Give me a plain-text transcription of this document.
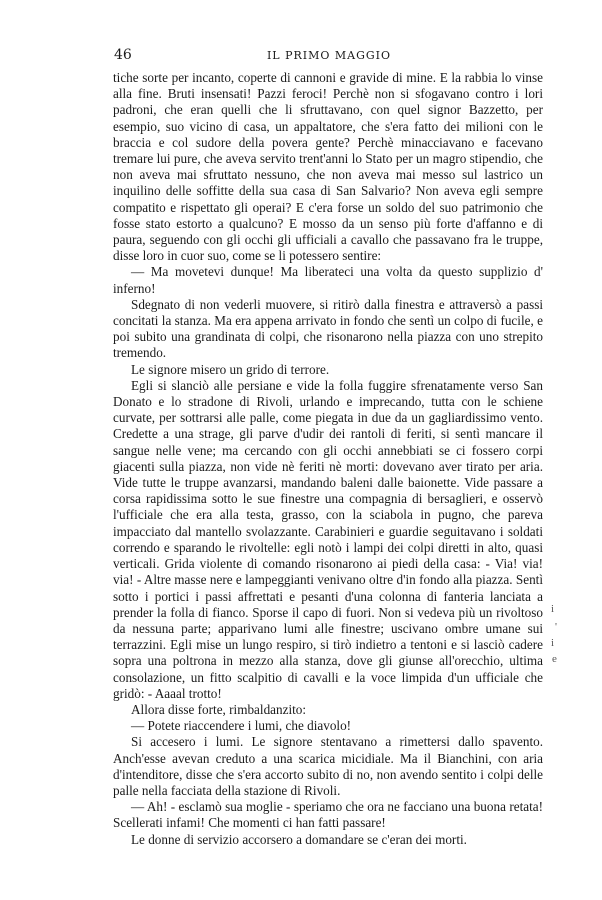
46	IL PRIMO MAGGIO

tiche sorte per incanto, coperte di cannoni e gravide di mine. E la rabbia lo vinse alla fine. Bruti insensati! Pazzi feroci! Perchè non si sfogavano contro i lori padroni, che eran quelli che li sfruttavano, con quel signor Bazzetto, per esempio, suo vicino di casa, un appaltatore, che s'era fatto dei milioni con le braccia e col sudore della povera gente? Perchè minacciavano e facevano tremare lui pure, che aveva servito trent'anni lo Stato per un magro stipendio, che non aveva mai sfruttato nessuno, che non aveva mai messo sul lastrico un inquilino delle soffitte della sua casa di San Salvario? Non aveva egli sempre compatito e rispettato gli operai? E c'era forse un soldo del suo patrimonio che fosse stato estorto a qualcuno? E mosso da un senso più forte d'affanno e di paura, seguendo con gli occhi gli ufficiali a cavallo che passavano fra le truppe, disse loro in cuor suo, come se li potessero sentire:

— Ma movetevi dunque! Ma liberateci una volta da questo supplizio d' inferno!

Sdegnato di non vederli muovere, si ritirò dalla finestra e attraversò a passi concitati la stanza. Ma era appena arrivato in fondo che sentì un colpo di fucile, e poi subito una grandinata di colpi, che risonarono nella piazza con uno strepito tremendo.

Le signore misero un grido di terrore.

Egli si slanciò alle persiane e vide la folla fuggire sfrenatamente verso San Donato e lo stradone di Rivoli, urlando e imprecando, tutta con le schiene curvate, per sottrarsi alle palle, come piegata in due da un gagliardissimo vento. Credette a una strage, gli parve d'udir dei rantoli di feriti, si sentì mancare il sangue nelle vene; ma cercando con gli occhi annebbiati se ci fossero corpi giacenti sulla piazza, non vide nè feriti nè morti: dovevano aver tirato per aria. Vide tutte le truppe avanzarsi, mandando baleni dalle baionette. Vide passare a corsa rapidissima sotto le sue finestre una compagnia di bersaglieri, e osservò l'ufficiale che era alla testa, grasso, con la sciabola in pugno, che pareva impacciato dal mantello svolazzante. Carabinieri e guardie seguitavano i soldati correndo e sparando le rivoltelle: egli notò i lampi dei colpi diretti in alto, quasi verticali. Grida violente di comando risonarono ai piedi della casa: - Via! via! via! - Altre masse nere e lampeggianti venivano oltre d'in fondo alla piazza. Sentì sotto i portici i passi affrettati e pesanti d'una colonna di fanteria lanciata a prender la folla di fianco. Sporse il capo di fuori. Non si vedeva più un rivoltoso da nessuna parte; apparivano lumi alle finestre; uscivano ombre umane sui terrazzini. Egli mise un lungo respiro, si tirò indietro a tentoni e si lasciò cadere sopra una poltrona in mezzo alla stanza, dove gli giunse all'orecchio, ultima consolazione, un fitto scalpitio di cavalli e la voce limpida d'un ufficiale che gridò: - Aaaal trotto!

Allora disse forte, rimbaldanzito:

— Potete riaccendere i lumi, che diavolo!

Si accesero i lumi. Le signore stentavano a rimettersi dallo spavento. Anch'esse avevan creduto a una scarica micidiale. Ma il Bianchini, con aria d'intenditore, disse che s'era accorto subito di no, non avendo sentito i colpi delle palle nella facciata della stazione di Rivoli.

— Ah! - esclamò sua moglie - speriamo che ora ne facciano una buona retata! Scellerati infami! Che momenti ci han fatti passare!

Le donne di servizio accorsero a domandare se c'eran dei morti.

i
'
i
e
